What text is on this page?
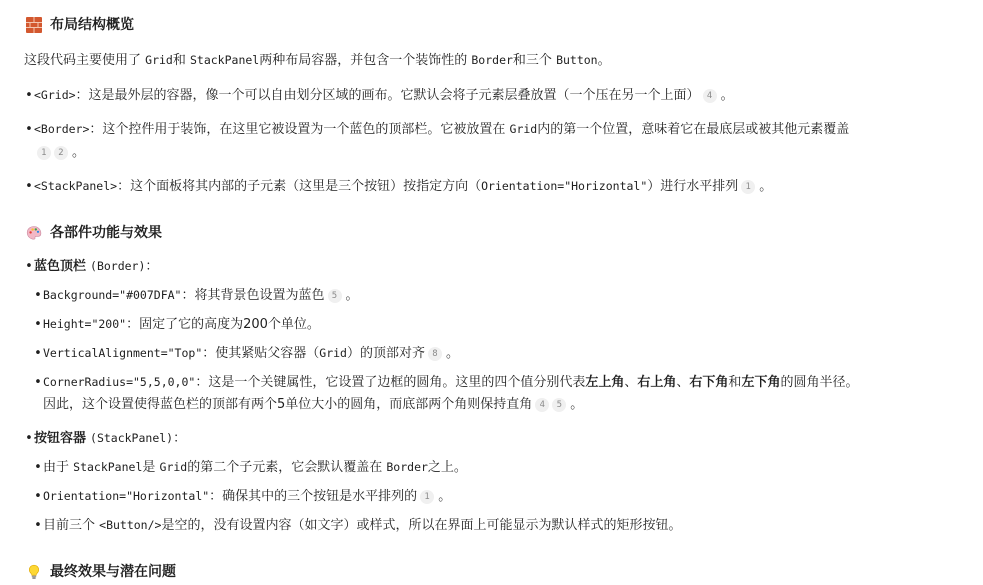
布局结构概览
这段代码主要使用了 Grid和 StackPanel两种布局容器，并包含一个装饰性的 Border和三个 Button。
•<Grid>：这是最外层的容器，像一个可以自由划分区域的画布。它默认会将子元素层叠放置（一个压在另一个上面） 4 。
•<Border>：这个控件用于装饰，在这里它被设置为一个蓝色的顶部栏。它被放置在 Grid内的第一个位置，意味着它在最底层或被其他元素覆盖
1 2 。
•<StackPanel>：这个面板将其内部的子元素（这里是三个按钮）按指定方向（Orientation="Horizontal"）进行水平排列 1 。
各部件功能与效果
•蓝色顶栏 (Border)：
•Background="#007DFA"：将其背景色设置为蓝色 5 。
•Height="200"：固定了它的高度为200个单位。
•VerticalAlignment="Top"：使其紧贴父容器（Grid）的顶部对齐 8 。
•CornerRadius="5,5,0,0"：这是一个关键属性，它设置了边框的圆角。这里的四个值分别代表左上角、右上角、右下角和左下角的圆角半径。
因此，这个设置使得蓝色栏的顶部有两个5单位大小的圆角，而底部两个角则保持直角 4 5 。
•按钮容器 (StackPanel)：
•由于 StackPanel是 Grid的第二个子元素，它会默认覆盖在 Border之上。
•Orientation="Horizontal"：确保其中的三个按钮是水平排列的 1 。
•目前三个 <Button/>是空的，没有设置内容（如文字）或样式，所以在界面上可能显示为默认样式的矩形按钮。
最终效果与潜在问题
